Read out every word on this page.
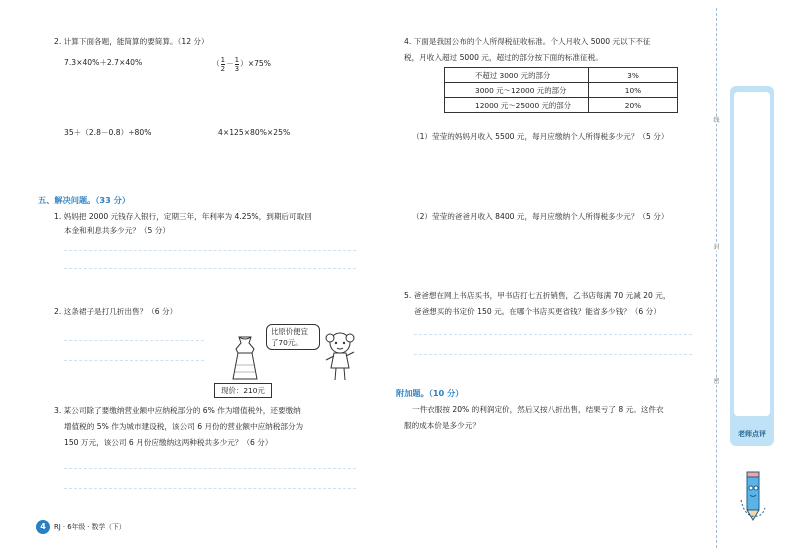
2. 计算下面各题，能简算的要简算。（12 分）
7.3×40%＋2.7×40%	（ $\frac{1}{2} - \frac{1}{3} )\times 75\%$
35＋（2.8－0.8）÷80%	4×125×80%×25%
五、解决问题。（33 分）
1. 妈妈把 2000 元钱存入银行，定期三年，年利率为 4.25%，到期后可取回
本金和利息共多少元？（5 分）
2. 这条裙子是打几折出售？（6 分）
比原价便宜了70元。
现价：210元
3. 某公司除了要缴纳营业额中应纳税部分的 6% 作为增值税外，还要缴纳
增值税的 5% 作为城市建设税，该公司 6 月份的营业额中应纳税部分为
150 万元，该公司 6 月份应缴纳这两种税共多少元？（6 分）
4	RJ · 6年级 · 数学（下）
4. 下面是我国公布的个人所得税征收标准。个人月收入 5000 元以下不征
税，月收入超过 5000 元，超过的部分按下面的标准征税。
不超过 3000 元的部分	3%
3000 元～12000 元的部分	10%
12000 元～25000 元的部分	20%
（1）莹莹的妈妈月收入 5500 元，每月应缴纳个人所得税多少元？（5 分）
（2）莹莹的爸爸月收入 8400 元，每月应缴纳个人所得税多少元？（5 分）
5. 爸爸想在网上书店买书，甲书店打七五折销售，乙书店每满 70 元减 20 元，
爸爸想买的书定价 150 元。在哪个书店买更省钱？能省多少钱？（6 分）
附加题。（10 分）
一件衣服按 20% 的利润定价，然后又按八折出售，结果亏了 8 元。这件衣
服的成本价是多少元？
线
封
密
老师点评
